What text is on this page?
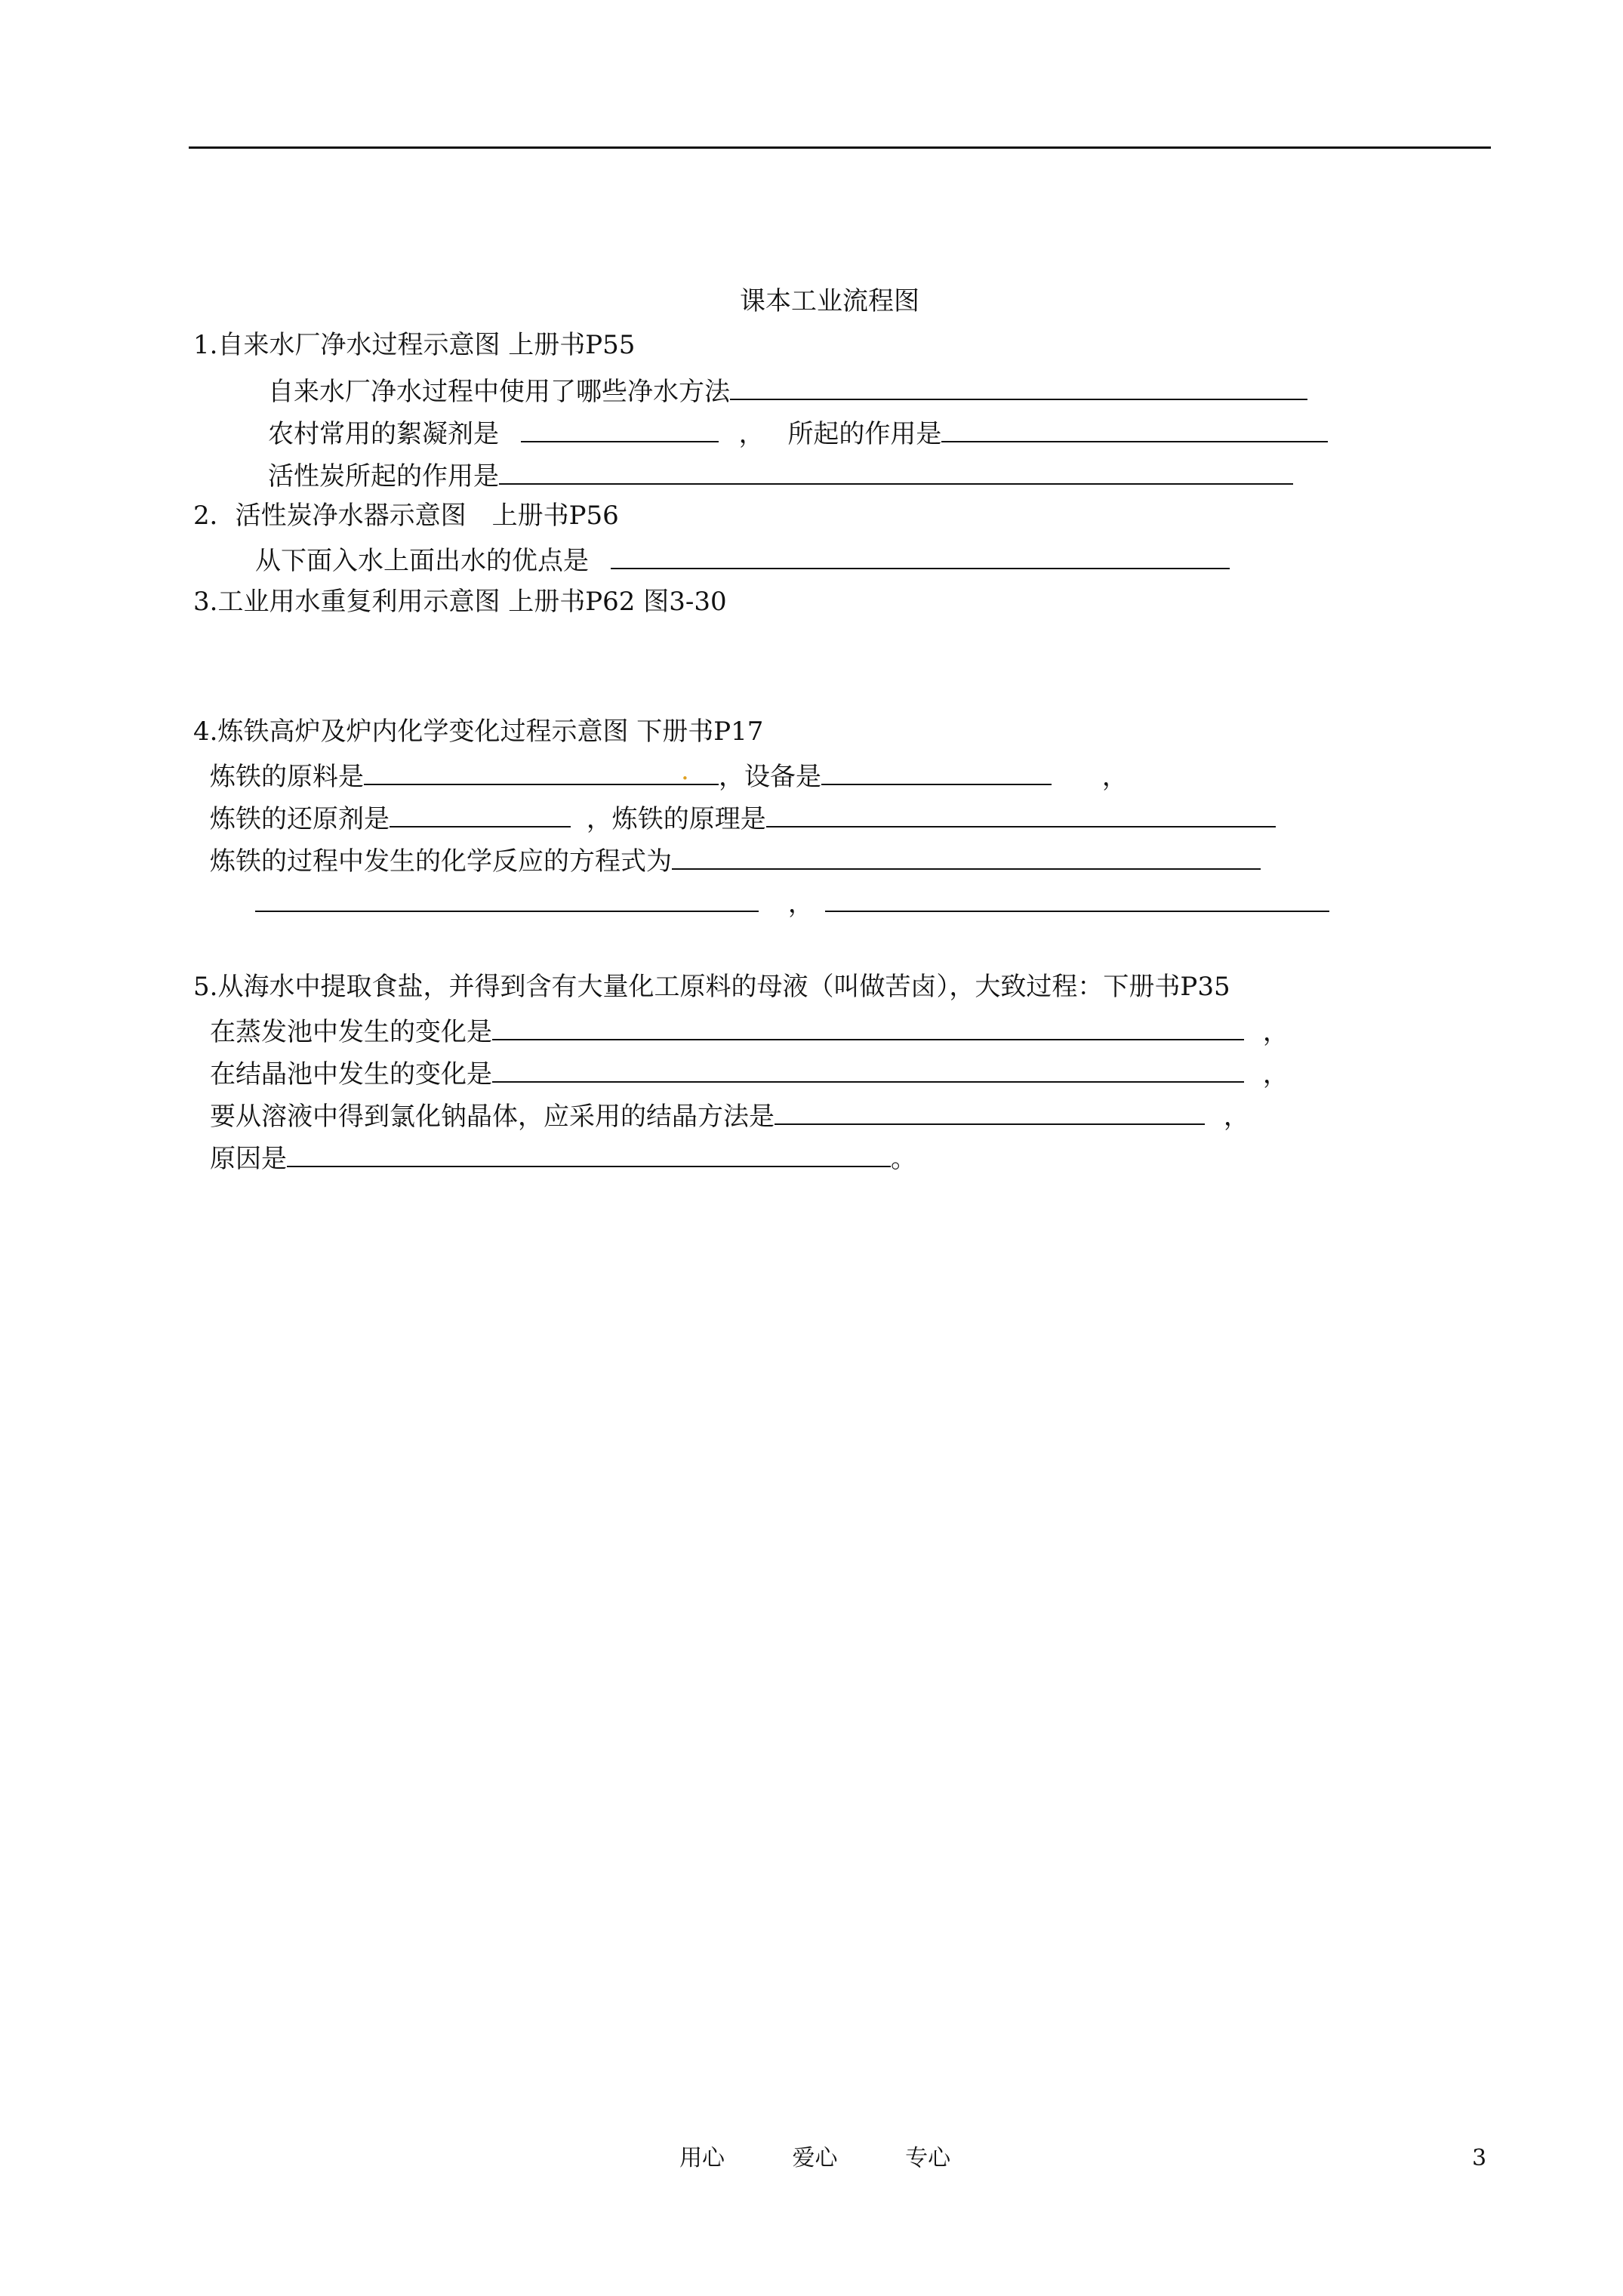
课本工业流程图
1.自来水厂净水过程示意图 上册书P55
自来水厂净水过程中使用了哪些净水方法
农村常用的絮凝剂是	， 所起的作用是
活性炭所起的作用是
2．活性炭净水器示意图　上册书P56
从下面入水上面出水的优点是
3.工业用水重复利用示意图 上册书P62 图3-30
4.炼铁高炉及炉内化学变化过程示意图 下册书P17
炼铁的原料是	. ，设备是	，
炼铁的还原剂是	，炼铁的原理是
炼铁的过程中发生的化学反应的方程式为
，
5.从海水中提取食盐，并得到含有大量化工原料的母液（叫做苦卤），大致过程：下册书P35
在蒸发池中发生的变化是	，
在结晶池中发生的变化是	，
要从溶液中得到氯化钠晶体，应采用的结晶方法是	，
原因是	。
用心	爱心	专心	3
